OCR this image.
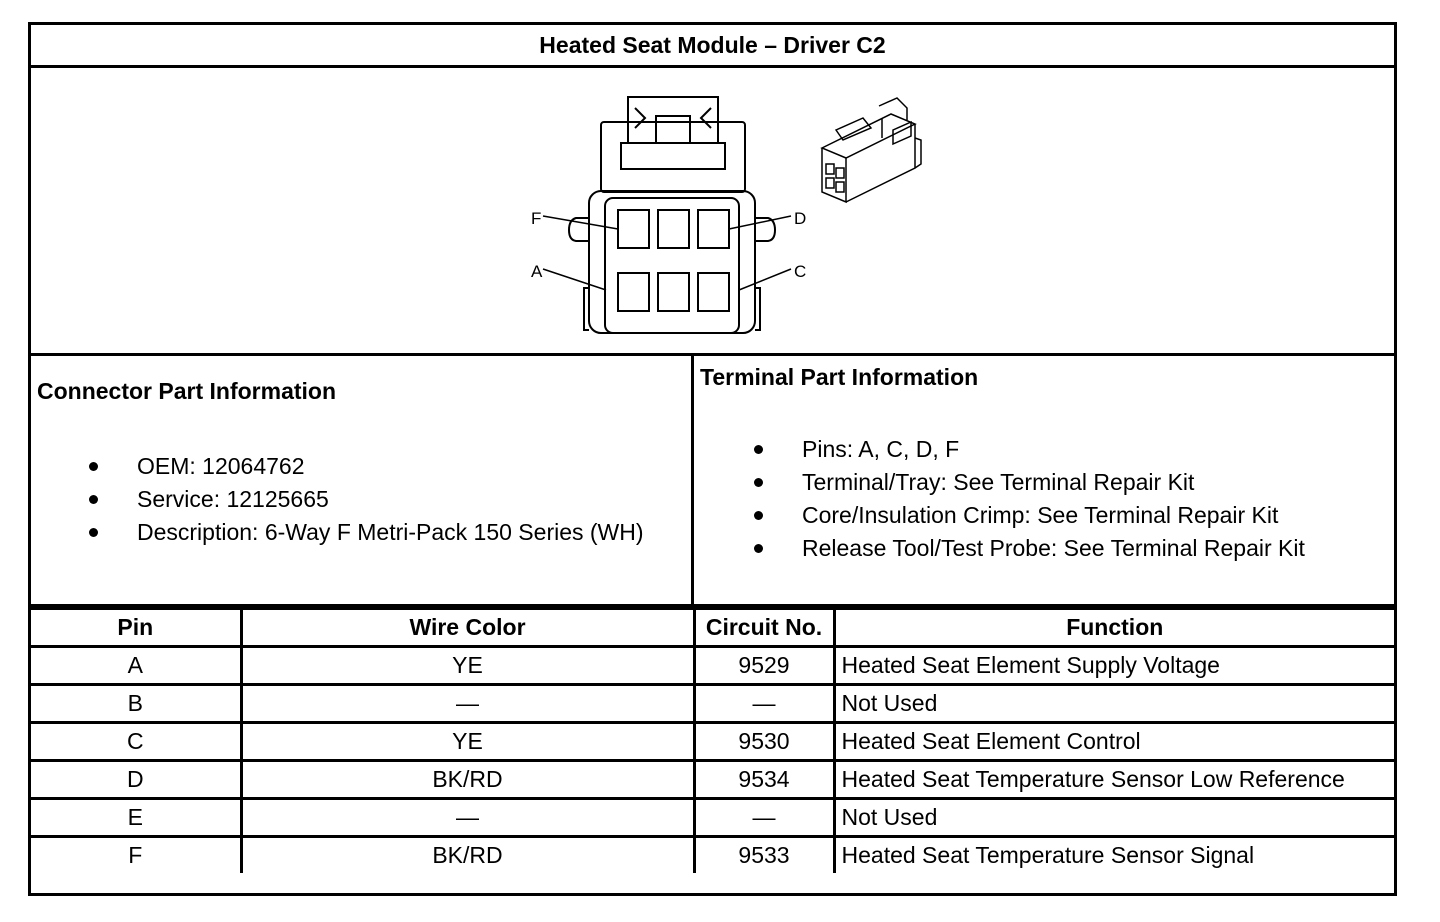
Heated Seat Module – Driver C2
F	D
A	C
Connector Part Information
OEM: 12064762
Service: 12125665
Description: 6-Way F Metri-Pack 150 Series (WH)
Terminal Part Information
Pins: A, C, D, F
Terminal/Tray: See Terminal Repair Kit
Core/Insulation Crimp: See Terminal Repair Kit
Release Tool/Test Probe: See Terminal Repair Kit
Pin	Wire Color	Circuit No.	Function
A	YE	9529	Heated Seat Element Supply Voltage
B	—	—	Not Used
C	YE	9530	Heated Seat Element Control
D	BK/RD	9534	Heated Seat Temperature Sensor Low Reference
E	—	—	Not Used
F	BK/RD	9533	Heated Seat Temperature Sensor Signal
